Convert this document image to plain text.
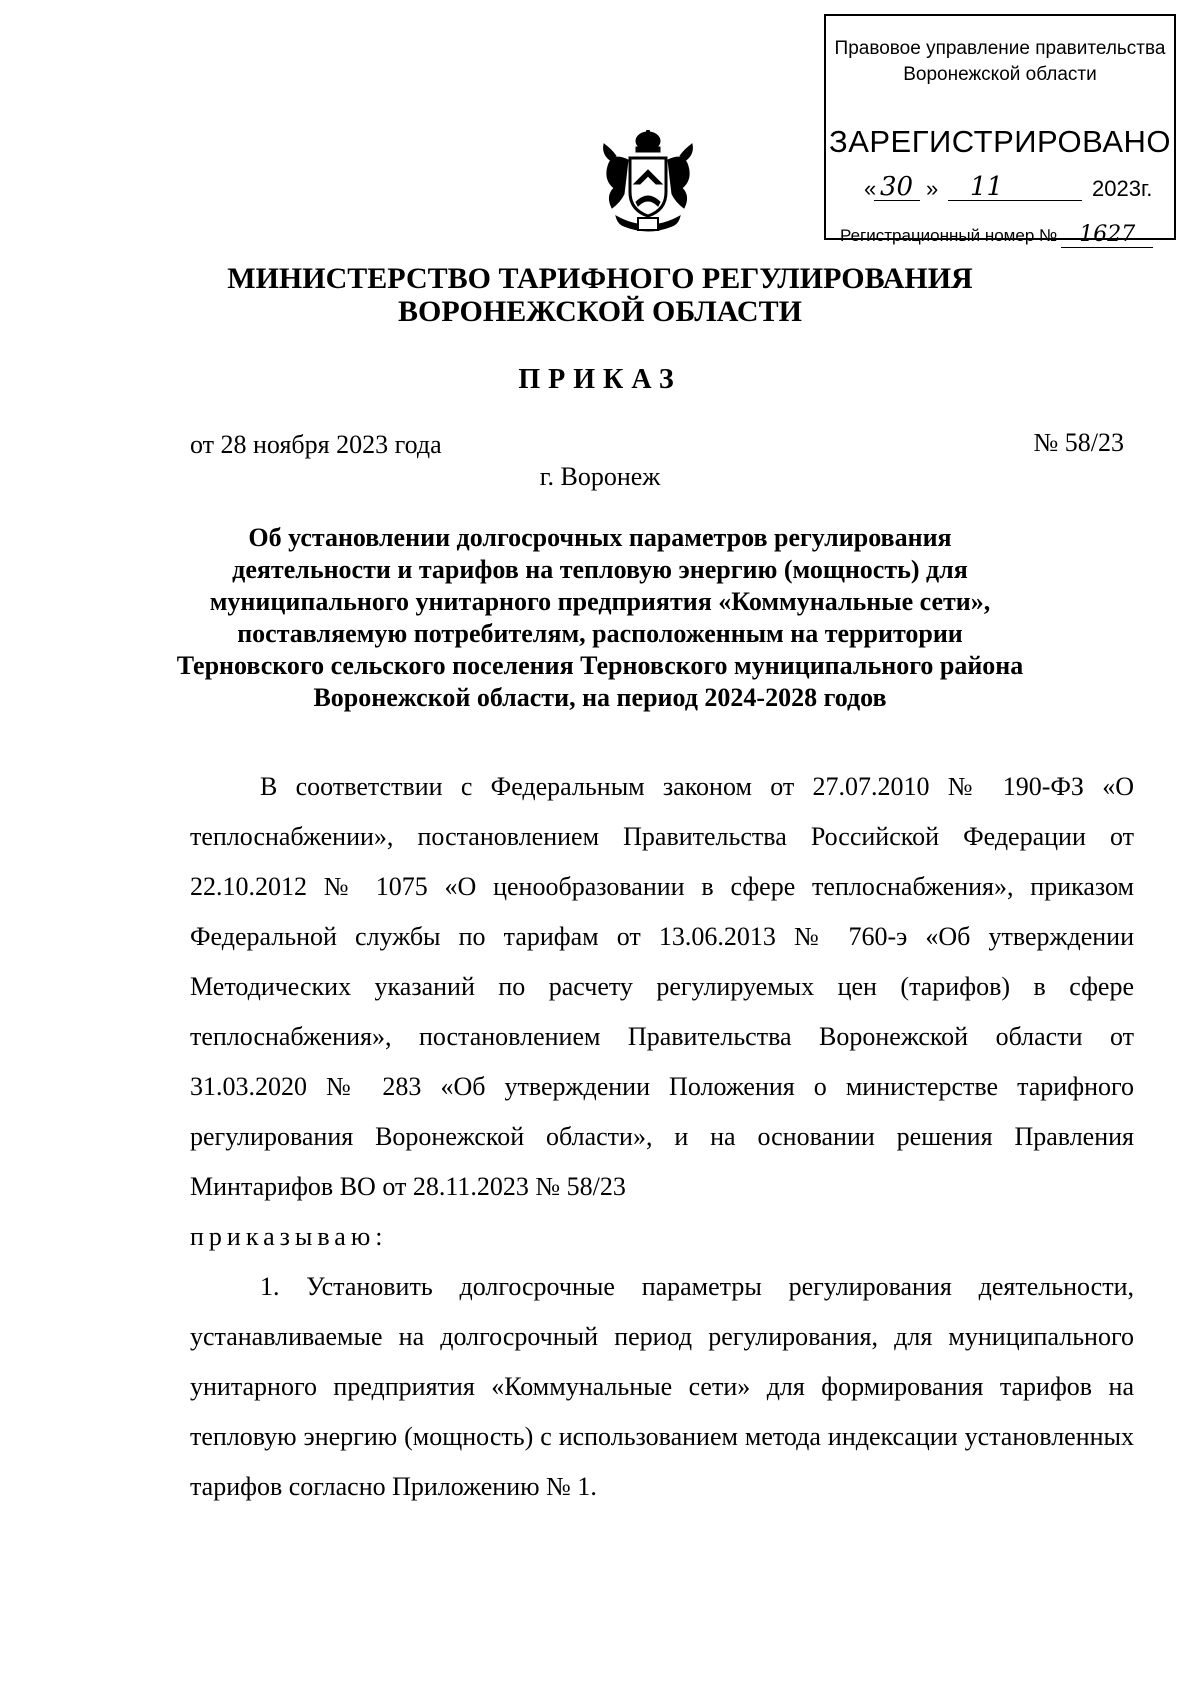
Правовое управление правительства
Воронежской области
ЗАРЕГИСТРИРОВАНО
« 30 » 11	2023г.
Регистрационный номер № 1627
МИНИСТЕРСТВО ТАРИФНОГО РЕГУЛИРОВАНИЯ
ВОРОНЕЖСКОЙ ОБЛАСТИ
ПРИКАЗ
от 28 ноября 2023 года	№ 58/23
г. Воронеж
Об установлении долгосрочных параметров регулирования
деятельности и тарифов на тепловую энергию (мощность) для
муниципального унитарного предприятия «Коммунальные сети»,
поставляемую потребителям, расположенным на территории
Терновского сельского поселения Терновского муниципального района
Воронежской области, на период 2024-2028 годов

В соответствии с Федеральным законом от 27.07.2010 № 190-ФЗ «О теплоснабжении», постановлением Правительства Российской Федерации от 22.10.2012 № 1075 «О ценообразовании в сфере теплоснабжения», приказом Федеральной службы по тарифам от 13.06.2013 № 760-э «Об утверждении Методических указаний по расчету регулируемых цен (тарифов) в сфере теплоснабжения», постановлением Правительства Воронежской области от 31.03.2020 № 283 «Об утверждении Положения о министерстве тарифного регулирования Воронежской области», и на основании решения Правления Минтарифов ВО от 28.11.2023 № 58/23

приказываю:

1. Установить долгосрочные параметры регулирования деятельности, устанавливаемые на долгосрочный период регулирования, для муниципального унитарного предприятия «Коммунальные сети» для формирования тарифов на тепловую энергию (мощность) с использованием метода индексации установленных тарифов согласно Приложению № 1.
